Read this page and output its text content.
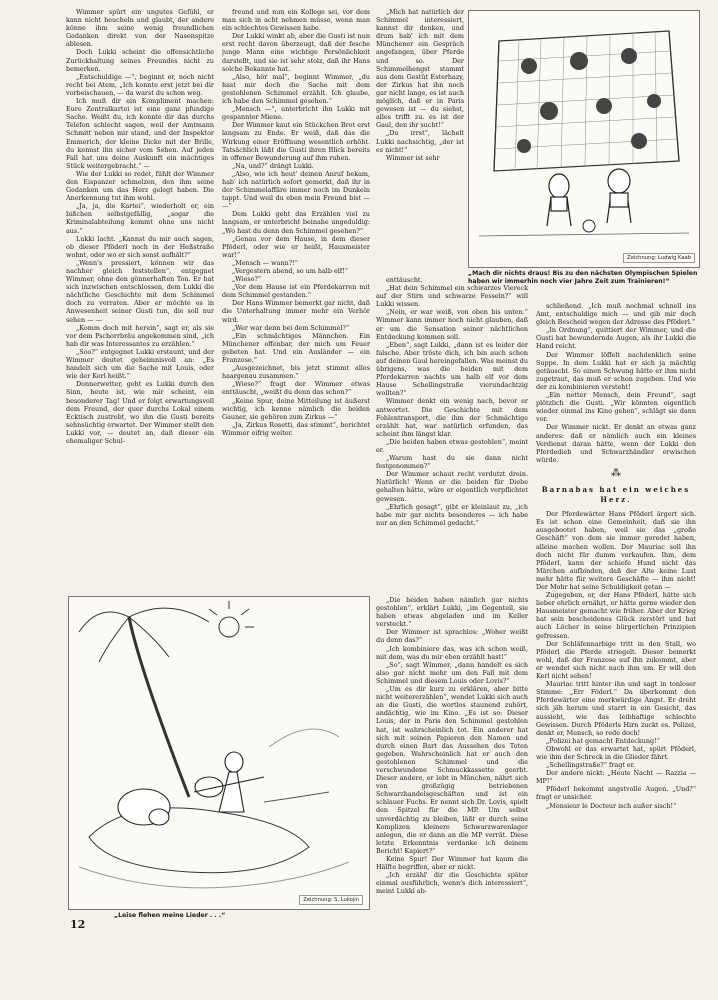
Wimmer spürt ein ungutes Gefühl, er kann nicht heucheln und glaubt, der andere könne ihm seine wenig freundlichen Gedanken direkt von der Nasenspitze ablesen.

Doch Lukki scheint die offensichtliche Zurückhaltung seines Freundes nicht zu bemerken.

„Entschuldige —“, beginnt er, noch nicht recht bei Atem, „Ich konnte erst jetzt bei dir vorbeischauen, — da warst du schon weg.

Ich muß dir ein Kompliment machen: Eure Zentralkartei ist eine ganz pfundige Sache. Weißt du, ich konnte dir das durchs Telefon schlecht sagen, weil der Amtmann Schmitt neben mir stand, und der Inspektor Emmerich, der kleine Dicke mit der Brille, du kennst ihn sicher vom Sehen. Auf jeden Fall hat uns deine Auskunft ein mächtiges Stück weitergebracht.“ —

Wie der Lukki so redet, fühlt der Wimmer den Eispanzer schmelzen, den ihm seine Gedanken um das Herz gelegt haben. Die Anerkennung tut ihm wohl.

„Ja, ja, die Kartei“, wiederholt er, ein bißchen selbstgefällig, „sogar die Kriminalabteilung kommt ohne uns nicht aus.“

Lukki lacht. „Kannst du mir auch sagen, ob dieser Pföderl noch in der Heßstraße wohnt, oder wo er sich sonst aufhält?“

„Wenn's pressiert, können wir das nachher gleich feststellen“, entgegnet Wimmer, ohne den gönnerhaften Ton. Er hat sich inzwischen entschlossen, dem Lukki die nächtliche Geschichte mit dem Schimmel doch zu verraten. Aber er möchte es in Anwesenheit seiner Gusti tun, die soll nur sehen — —

„Komm doch mit herein“, sagt er, als sie vor dem Pschorrbräu angekommen sind, „ich hab dir was Interessantes zu erzählen.“

„Soo?“ entgegnet Lukki erstaunt, und der Wimmer deutet geheimnisvoll an: „Es handelt sich um die Sache mit Louis, oder wie der Kerl heißt.“

Donnerwetter, geht es Lukki durch den Sinn, heute ist, wie mir scheint, ein besonderer Tag! Und er folgt erwartungsvoll dem Freund, der quer durchs Lokal einem Ecktisch zustrebt, wo ihn die Gusti bereits sehnsüchtig erwartet. Der Wimmer stellt den Lukki vor, — deutet an, daß dieser ein ehemaliger Schul-

freund und nun ein Kollege sei, vor dem man sich in acht nehmen müsse, wenn man ein schlechtes Gewissen habe.

Der Lukki winkt ab, aber die Gusti ist nun erst recht davon überzeugt, daß der fesche junge Mann eine wichtige Persönlichkeit darstellt, und sie ist sehr stolz, daß ihr Hans solche Bekannte hat.

„Also, hör mal“, beginnt Wimmer, „du hast mir doch die Sache mit dem gestohlenen Schimmel erzählt. Ich glaube, ich habe den Schimmel gesehen.“

„Mensch —“, unterbricht ihn Lukki mit gespannter Miene.

Der Wimmer kaut ein Stückchen Brot erst langsam zu Ende. Er weiß, daß das die Wirkung einer Eröffnung wesentlich erhöht. Tatsächlich läßt die Gusti ihren Blick bereits in offener Bewunderung auf ihm ruhen.

„Na, und?“ drängt Lukki.

„Also, wie ich heut' deinen Anruf bekam, hab' ich natürlich sofort gemerkt, daß ihr in der Schimmelaffäre immer noch im Dunkeln tappt. Und weil du eben mein Freund bist — —“

Dem Lukki geht das Erzählen viel zu langsam, er unterbricht beinahe ungeduldig: „Wo hast du denn den Schimmel gesehen?“

„Genau vor dem Hause, in dem dieser Pföderl, oder wie er heißt, Hausmeister war!“

„Mensch — wann?!“

„Vergestern abend, so um halb elf!“

„Wieso?“

„Vor dem Hause ist ein Pferdekarren mit dem Schimmel gestanden.“

Der Hans Wimmer bemerkt gar nicht, daß die Unterhaltung immer mehr ein Verhör wird.

„Wer war denn bei dem Schimmel?“

„Ein schmächtiges Männchen. Ein Münchener offenbar, der mich um Feuer gebeten hat. Und ein Ausländer — ein Franzose.“

„Ausgezeichnet, bis jetzt stimmt alles haargenau zusammen.“

„Wieso?“ fragt der Wimmer etwas enttäuscht, „weißt du denn das schon?“

„Keine Spur, deine Mitteilung ist äußerst wichtig, ich kenne nämlich die beiden Gauner, sie gehören zum Zirkus —“

„Ja, Zirkus Rosetti, das stimmt“, berichtet Wimmer eifrig weiter.

„Mich hat natürlich der Schimmel interessiert, kannst dir denken, und drum hab' ich mit dem Münchener ein Gespräch angefangen, über Pferde und so. Der Schimmelhengst stammt aus dem Gestüt Esterhazy, der Zirkus hat ihn noch gar nicht lange, es ist auch möglich, daß er in Paris gewesen ist — du siehst, alles trifft zu. es ist der Gaul, den ihr sucht!“

„Du irrst“, lächelt Lukki nachsichtig, „der ist es nicht!“

Wimmer ist sehr

enttäuscht.

„Hat dein Schimmel ein schwarzes Viereck auf der Stirn und schwarze Fesseln?“ will Lukki wissen.

„Nein, er war weiß, von oben bis unten.“ Wimmer kann immer noch nicht glauben, daß er um die Sensation seiner nächtlichen Entdeckung kommen soll.

„Eben“, sagt Lukki, „dann ist es leider der falsche. Aber tröste dich, ich bin auch schon auf deinen Gaul hereingefallen. Was meinst du übrigens, was die beiden mit dem Pferdekarren nachts um halb elf vor dem Hause Schellingstraße vierundachtzig wollten?“

Wimmer denkt ein wenig nach, bevor er antwortet. Die Geschichte mit dem Fohlentransport, die ihm der Schmächtige erzählt hat, war natürlich erfunden, das scheint ihm längst klar.

„Die beiden haben etwas gestohlen“, meint er.

„Warum hast du sie dann nicht festgenommen?“

Der Wimmer schaut recht verdutzt drein. Natürlich! Wenn er die beiden für Diebe gehalten hätte, wäre er eigentlich verpflichtet gewesen.

„Ehrlich gesagt“, gibt er kleinlaut zu, „ich habe mir gar nichts besonderes — ich habe nur an den Schimmel gedacht.“

„Die beiden haben nämlich gar nichts gestohlen“, erklärt Lukki, „im Gegenteil, sie haben etwas abgeladen und im Keller versteckt.“

Der Wimmer ist sprachlos: „Woher weißt du denn das?“

„Ich kombiniere das, was ich schon weiß, mit dem, was du mir eben erzählt hast!“

„So“, sagt Wimmer, „dann handelt es sich also gar nicht mehr um den Fall mit dem Schimmel und diesem Louis oder Lovis?“

„Um es dir kurz zu erklären, aber bitte nicht weitererzählen“, wendet Lukki sich auch an die Gusti, die wortlos staunend zuhört, andächtig, wie im Kino. „Es ist so: Dieser Louis, der in Paris den Schimmel gestohlen hat, ist wahrscheinlich tot. Ein anderer hat sich mit seinen Papieren den Namen und durch einen Bart das Aussehen des Toten gegeben. Wahrscheinlich hat er auch den gestohlenen Schimmel und die verschwundene Schmuckkassette geerbt. Dieser andere, er lebt in München, nährt sich von großzügig betriebenen Schwarzhandelsgeschäften und ist ein schlauer Fuchs. Er nennt sich Dr. Lovis, spielt den Spitzel für die MP. Um selbst unverdächtig zu bleiben, läßt er durch seine Komplizen kleinere Schwarzwarenlager anlegen, die er dann an die MP verrät. Diese letzte Erkenntnis verdanke ich deinem Bericht! Kapiert?“

Keine Spur! Der Wimmer hat kaum die Hälfte begriffen, aber er nickt.

„Ich erzähl' dir die Geschichte später einmal ausführlich, wenn's dich interessiert“, meint Lukki ab-

schließend. „Ich muß nochmal schnell ins Amt, entschuldige mich — und gib mir doch gleich Bescheid wegen der Adresse des Pföderl.“

„In Ordnung“, quittiert der Wimmer, und die Gusti hat bewundernde Augen, als ihr Lukki die Hand reicht.

Der Wimmer löffelt nachdenklich seine Suppe. In dem Lukki hat er sich ja mächtig getäuscht. So einen Schwung hätte er ihm nicht zugetraut, das muß er schon zugeben. Und wie der zu kombinieren versteht!

„Ein netter Mensch, dein Freund“, sagt plötzlich die Gusti. „Wir könnten eigentlich wieder einmal ins Kino gehen“, schlägt sie dann vor.

Der Wimmer nickt. Er denkt an etwas ganz anderes: daß er nämlich auch ein kleines Verdienst daran hätte, wenn der Lukki den Pferdedieb und Schwarzhändler erwischen würde.

⁂
Barnabas hat ein weiches
Herz.

Der Pferdewärter Hans Pföderl ärgert sich. Es ist schon eine Gemeinheit, daß sie ihn ausgebootet haben, weil sie das „große Geschäft“ von dem sie immer geredet haben, alleine machen wollen. Der Mauriac soll ihn doch nicht für dumm verkaufen. Ihm, dem Pföderl, kann der schiefe Hund nicht das Märchen aufbinden, daß der Alte keine Lust mehr hätte für weitere Geschäfte — ihm nicht! Der Mohr hat seine Schuldigkeit getan —

Zugegeben, er, der Hans Pföderl, hätte sich lieber ehrlich ernährt, er hätte gerne wieder den Hausmeister gemacht wie früher. Aber der Krieg hat sein bescheidenes Glück zerstört und hat auch Löcher in seine bürgerlichen Prinzipien gefressen.

Der Schläfennarbige tritt in den Stall, wo Pföderl die Pferde striegelt. Dieser bemerkt wohl, daß der Franzose auf ihn zukommt, aber er wendet sich nicht nach ihm um. Er will den Kerl nicht sehen!

Mauriac tritt hinter ihn und sagt in tonloser Stimme: „Err Föderl.“ Da überkommt den Pferdewärter eine merkwürdige Angst. Er dreht sich jäh herum und starrt in ein Gesicht, das aussieht, wie das leibhaftige schlechte Gewissen. Durch Pföderls Hirn zuckt es. Polizei, denkt er, Mensch, so rede doch!

„Polizei hat gemacht Entdeckung!“

Obwohl er das erwartet hat, spürt Pföderl, wie ihm der Schreck in die Glieder fährt.

„Schellingstraße?“ fragt er.

Der andere nickt: „Heute Nacht — Razzia — MP!“

Pföderl bekommt angstvolle Augen. „Und?“ fragt er unsicher.

„Monsieur le Docteur isch außer sisch!“

Zeichnung: Ludwig Kaab
„Mach dir nichts draus! Bis zu den nächsten Olympischen Spielen haben wir immerhin noch vier Jahre Zeit zum Trainieren!“
Zeichnung: S. Lukojin
„Leise flehen meine Lieder . . .“
12
